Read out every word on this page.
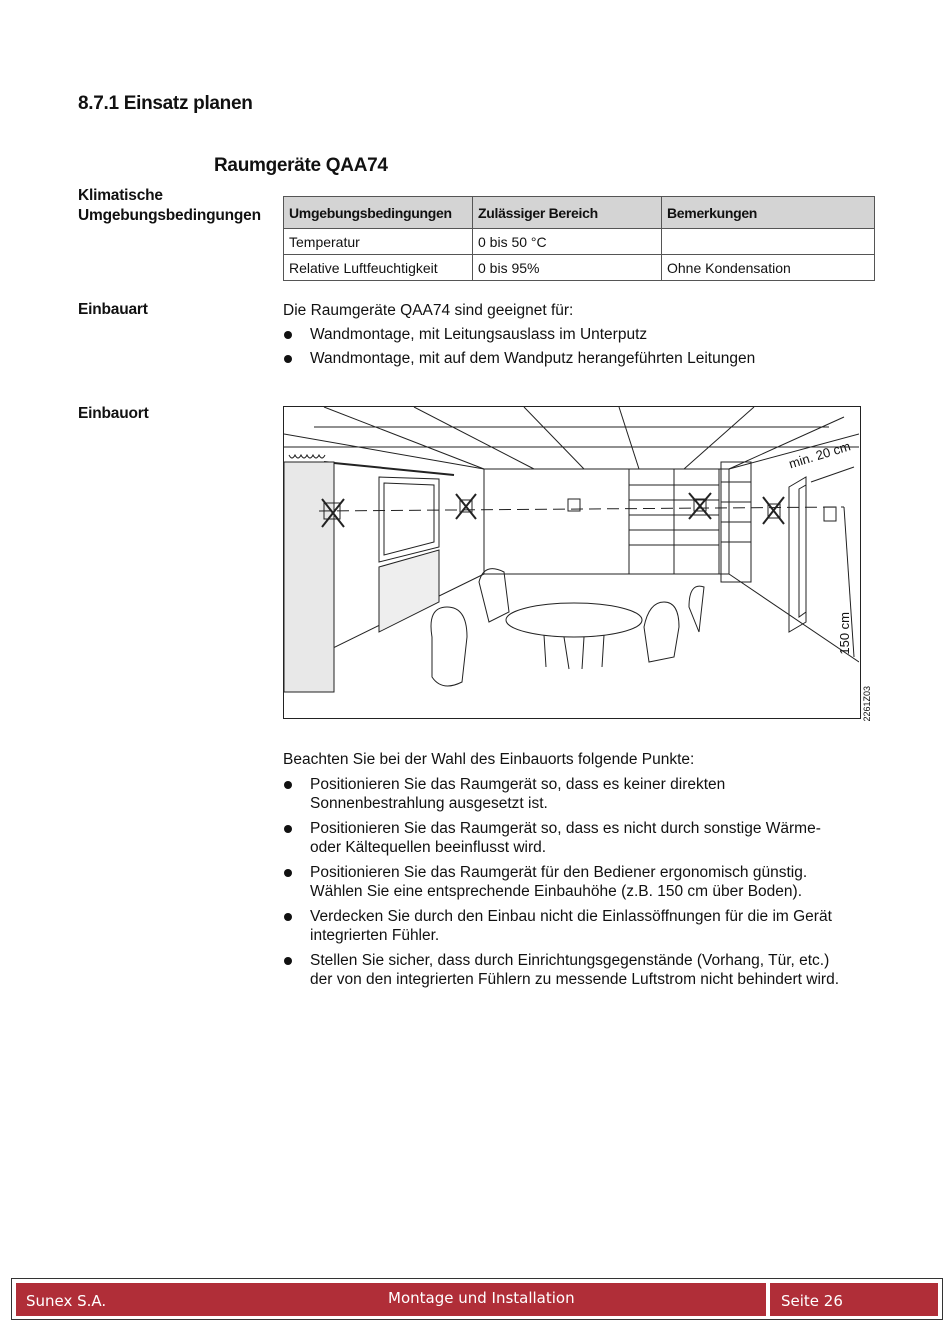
8.7.1 Einsatz planen
Raumgeräte QAA74
Klimatische
Umgebungsbedingungen Umgebungsbedingungen	Zulässiger Bereich	Bemerkungen
Temperatur	0 bis 50 °C	
Relative Luftfeuchtigkeit	0 bis 95%	Ohne Kondensation
Einbauart	Die Raumgeräte QAA74 sind geeignet für:
Wandmontage, mit Leitungsauslass im Unterputz
Wandmontage, mit auf dem Wandputz herangeführten Leitungen
Einbauort
min. 20 cm
150 cm
2261Z03
Beachten Sie bei der Wahl des Einbauorts folgende Punkte:
Positionieren Sie das Raumgerät so, dass es keiner direkten
Sonnenbestrahlung ausgesetzt ist.
Positionieren Sie das Raumgerät so, dass es nicht durch sonstige Wärme-
oder Kältequellen beeinflusst wird.
Positionieren Sie das Raumgerät für den Bediener ergonomisch günstig.
Wählen Sie eine entsprechende Einbauhöhe (z.B. 150 cm über Boden).
Verdecken Sie durch den Einbau nicht die Einlassöffnungen für die im Gerät
integrierten Fühler.
Stellen Sie sicher, dass durch Einrichtungsgegenstände (Vorhang, Tür, etc.)
der von den integrierten Fühlern zu messende Luftstrom nicht behindert wird.
Sunex S.A.	Montage und Installation	Seite 26
